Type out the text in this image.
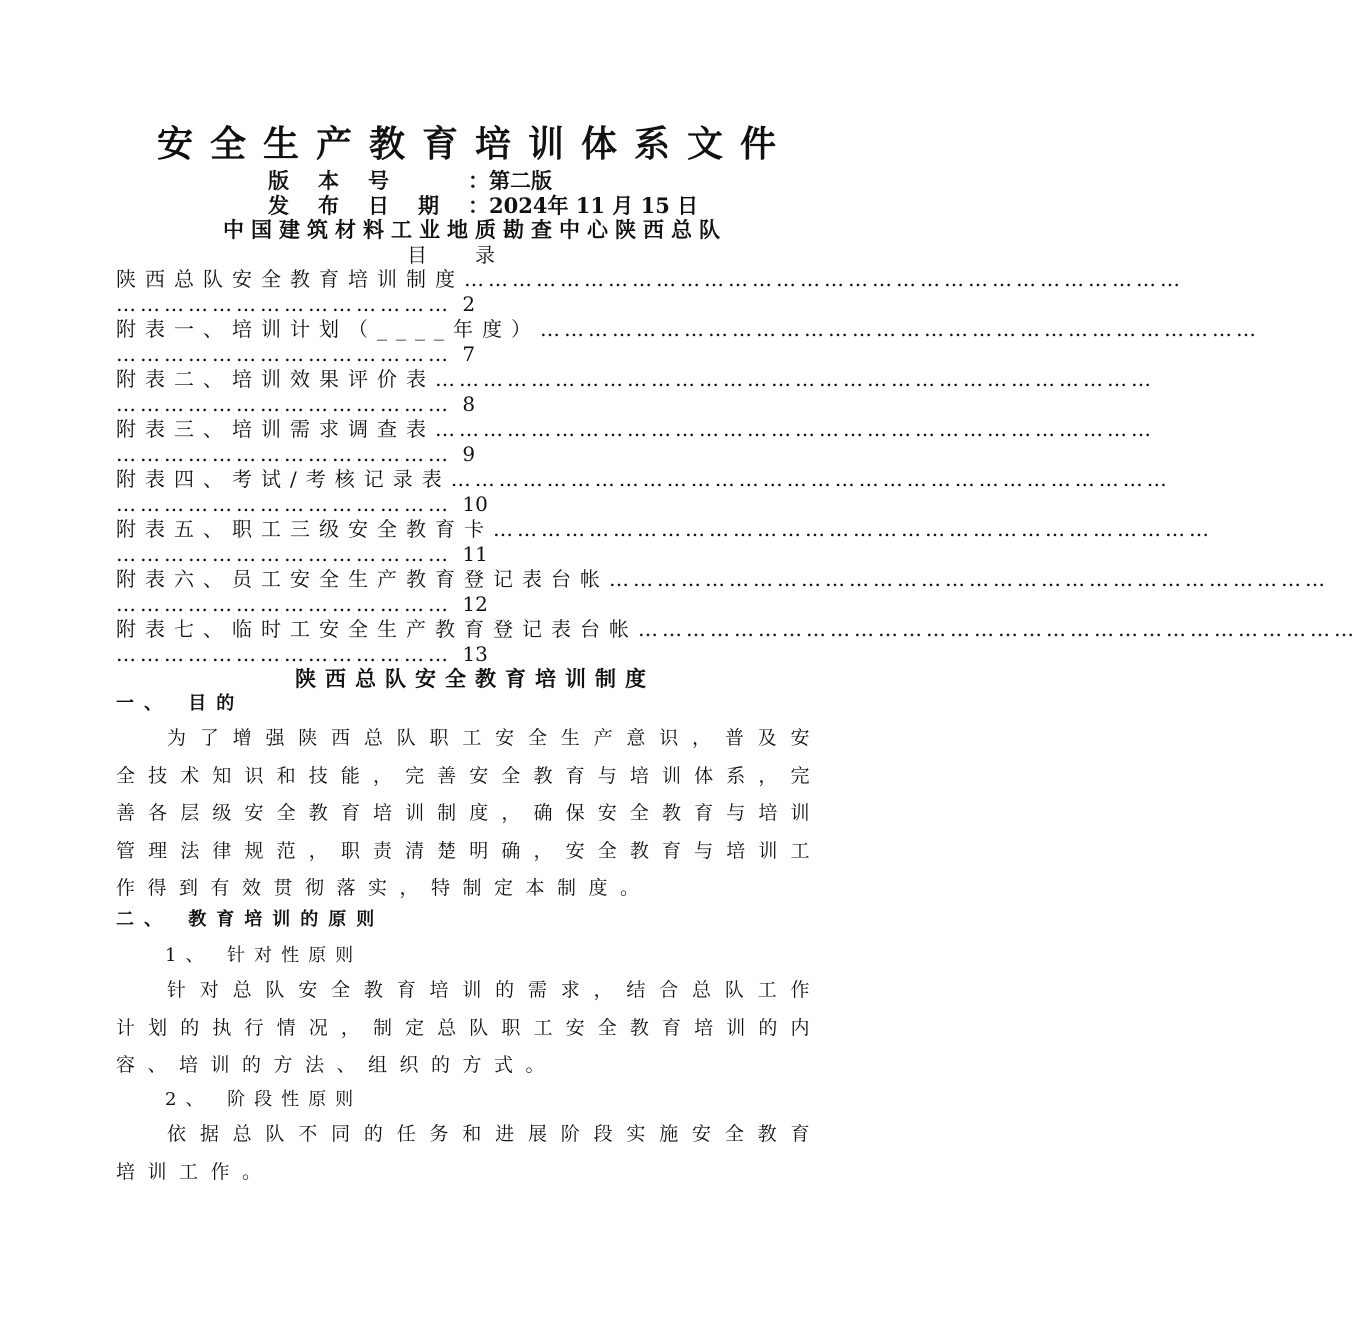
安全生产教育培训体系文件
版本号 ：第二版
发布日期：2024年 11 月 15 日
中国建筑材料工业地质勘查中心陕西总队
目录
陕西总队安全教育培训制度………………………………………………………………………………
…………………………………… 2
附表一、培训计划（____年度）………………………………………………………………………………
…………………………………… 7
附表二、培训效果评价表………………………………………………………………………………
…………………………………… 8
附表三、培训需求调查表………………………………………………………………………………
…………………………………… 9
附表四、考试/考核记录表………………………………………………………………………………
…………………………………… 10
附表五、职工三级安全教育卡………………………………………………………………………………
…………………………………… 11
附表六、员工安全生产教育登记表台帐………………………………………………………………………………
…………………………………… 12
附表七、临时工安全生产教育登记表台帐………………………………………………………………………………
…………………………………… 13
陕西总队安全教育培训制度
一、 目的
为了增强陕西总队职工安全生产意识，普及安全技术知识和技能，完善安全教育与培训体系，完善各层级安全教育培训制度，确保安全教育与培训管理法律规范，职责清楚明确，安全教育与培训工作得到有效贯彻落实，特制定本制度。
二、 教育培训的原则
1、 针对性原则
针对总队安全教育培训的需求，结合总队工作计划的执行情况，制定总队职工安全教育培训的内容、培训的方法、组织的方式。
2、 阶段性原则
依据总队不同的任务和进展阶段实施安全教育培训工作。
